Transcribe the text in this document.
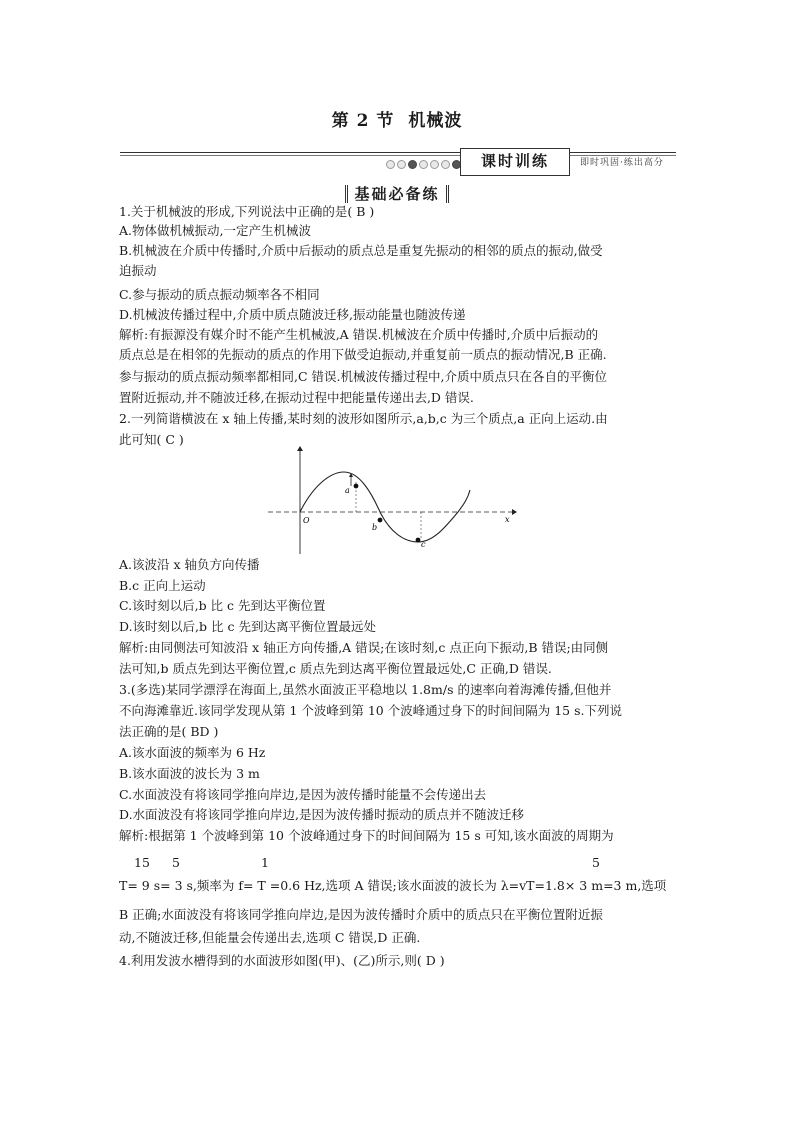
第 2 节 机械波
课时训练	即时巩固·练出高分
基础必备练
1.关于机械波的形成,下列说法中正确的是( B )
A.物体做机械振动,一定产生机械波
B.机械波在介质中传播时,介质中后振动的质点总是重复先振动的相邻的质点的振动,做受
迫振动
C.参与振动的质点振动频率各不相同
D.机械波传播过程中,介质中质点随波迁移,振动能量也随波传递
解析:有振源没有媒介时不能产生机械波,A 错误.机械波在介质中传播时,介质中后振动的
质点总是在相邻的先振动的质点的作用下做受迫振动,并重复前一质点的振动情况,B 正确.
参与振动的质点振动频率都相同,C 错误.机械波传播过程中,介质中质点只在各自的平衡位
置附近振动,并不随波迁移,在振动过程中把能量传递出去,D 错误.
2.一列简谐横波在 x 轴上传播,某时刻的波形如图所示,a,b,c 为三个质点,a 正向上运动.由
此可知( C )
O
a
b
c
x
A.该波沿 x 轴负方向传播
B.c 正向上运动
C.该时刻以后,b 比 c 先到达平衡位置
D.该时刻以后,b 比 c 先到达离平衡位置最远处
解析:由同侧法可知波沿 x 轴正方向传播,A 错误;在该时刻,c 点正向下振动,B 错误;由同侧
法可知,b 质点先到达平衡位置,c 质点先到达离平衡位置最远处,C 正确,D 错误.
3.(多选)某同学漂浮在海面上,虽然水面波正平稳地以 1.8m/s 的速率向着海滩传播,但他并
不向海滩靠近.该同学发现从第 1 个波峰到第 10 个波峰通过身下的时间间隔为 15 s.下列说
法正确的是( BD )
A.该水面波的频率为 6 Hz
B.该水面波的波长为 3 m
C.水面波没有将该同学推向岸边,是因为波传播时能量不会传递出去
D.水面波没有将该同学推向岸边,是因为波传播时振动的质点并不随波迁移
解析:根据第 1 个波峰到第 10 个波峰通过身下的时间间隔为 15 s 可知,该水面波的周期为
15 5	1	5
T= 9 s= 3 s,频率为 f= T =0.6 Hz,选项 A 错误;该水面波的波长为 λ=vT=1.8× 3 m=3 m,选项
B 正确;水面波没有将该同学推向岸边,是因为波传播时介质中的质点只在平衡位置附近振
动,不随波迁移,但能量会传递出去,选项 C 错误,D 正确.
4.利用发波水槽得到的水面波形如图(甲)、(乙)所示,则( D )
